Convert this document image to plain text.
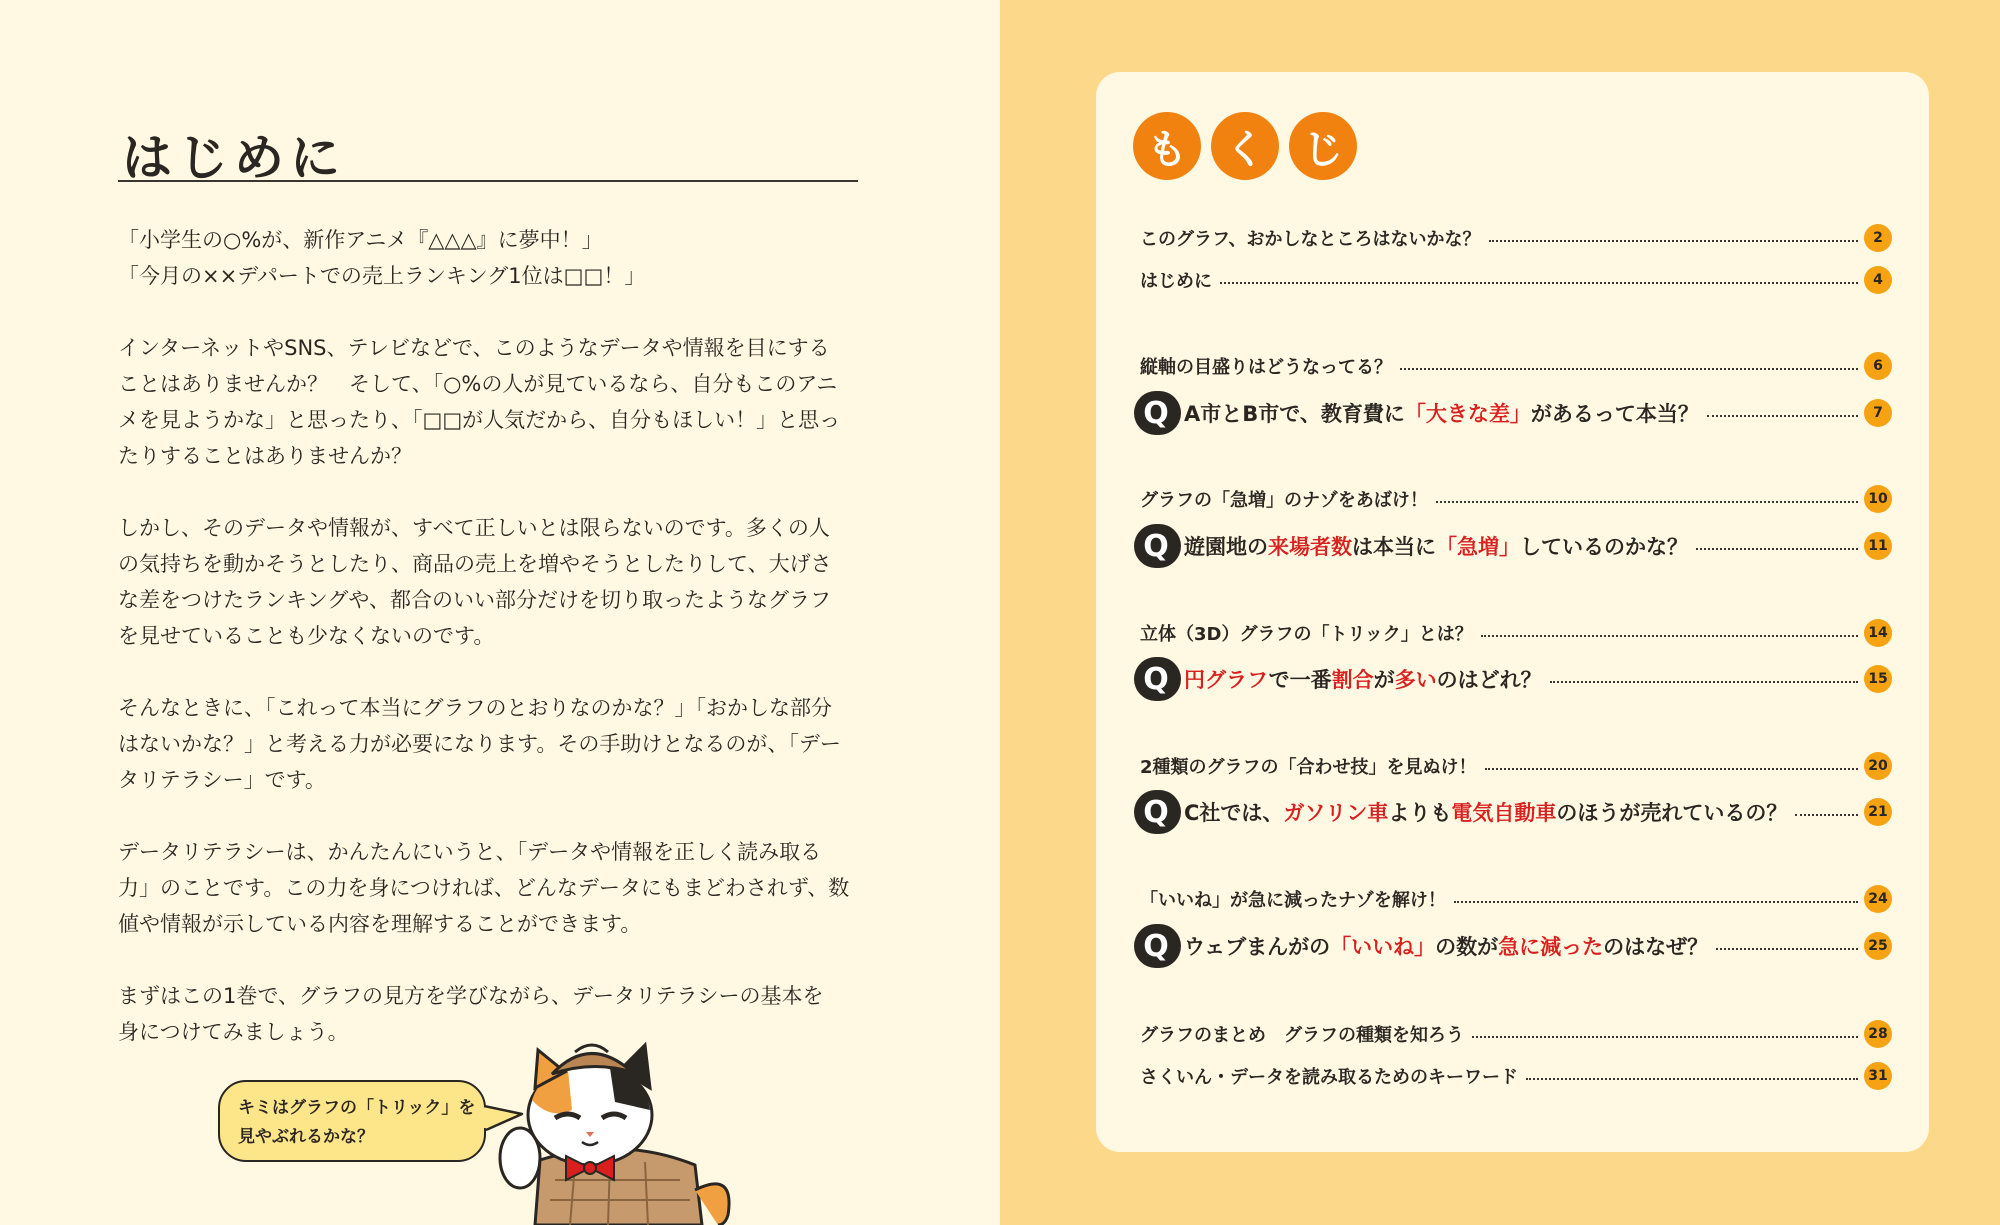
はじめに

「小学生の○%が、新作アニメ『△△△』に夢中！」
「今月の××デパートでの売上ランキング1位は□□！」

インターネットやSNS、テレビなどで、このようなデータや情報を目にする
ことはありませんか？　そして、「○%の人が見ているなら、自分もこのアニ
メを見ようかな」と思ったり、「□□が人気だから、自分もほしい！」と思っ
たりすることはありませんか？

しかし、そのデータや情報が、すべて正しいとは限らないのです。多くの人
の気持ちを動かそうとしたり、商品の売上を増やそうとしたりして、大げさ
な差をつけたランキングや、都合のいい部分だけを切り取ったようなグラフ
を見せていることも少なくないのです。

そんなときに、「これって本当にグラフのとおりなのかな？」「おかしな部分
はないかな？」と考える力が必要になります。その手助けとなるのが、「デー
タリテラシー」です。

データリテラシーは、かんたんにいうと、「データや情報を正しく読み取る
力」のことです。この力を身につければ、どんなデータにもまどわされず、数
値や情報が示している内容を理解することができます。

まずはこの1巻で、グラフの見方を学びながら、データリテラシーの基本を
身につけてみましょう。

キミはグラフの「トリック」を
見やぶれるかな？
も く じ
このグラフ、おかしなところはないかな？	2
はじめに	4
縦軸の目盛りはどうなってる？	6
Q A市とB市で、教育費に「大きな差」があるって本当？	7
グラフの「急増」のナゾをあばけ！	10
Q 遊園地の来場者数は本当に「急増」しているのかな？	11
立体（3D）グラフの「トリック」とは？	14
Q 円グラフで一番割合が多いのはどれ？	15
2種類のグラフの「合わせ技」を見ぬけ！	20
Q C社では、ガソリン車よりも電気自動車のほうが売れているの？	21
「いいね」が急に減ったナゾを解け！	24
Q ウェブまんがの「いいね」の数が急に減ったのはなぜ？	25
グラフのまとめ　グラフの種類を知ろう	28
さくいん・データを読み取るためのキーワード	31
